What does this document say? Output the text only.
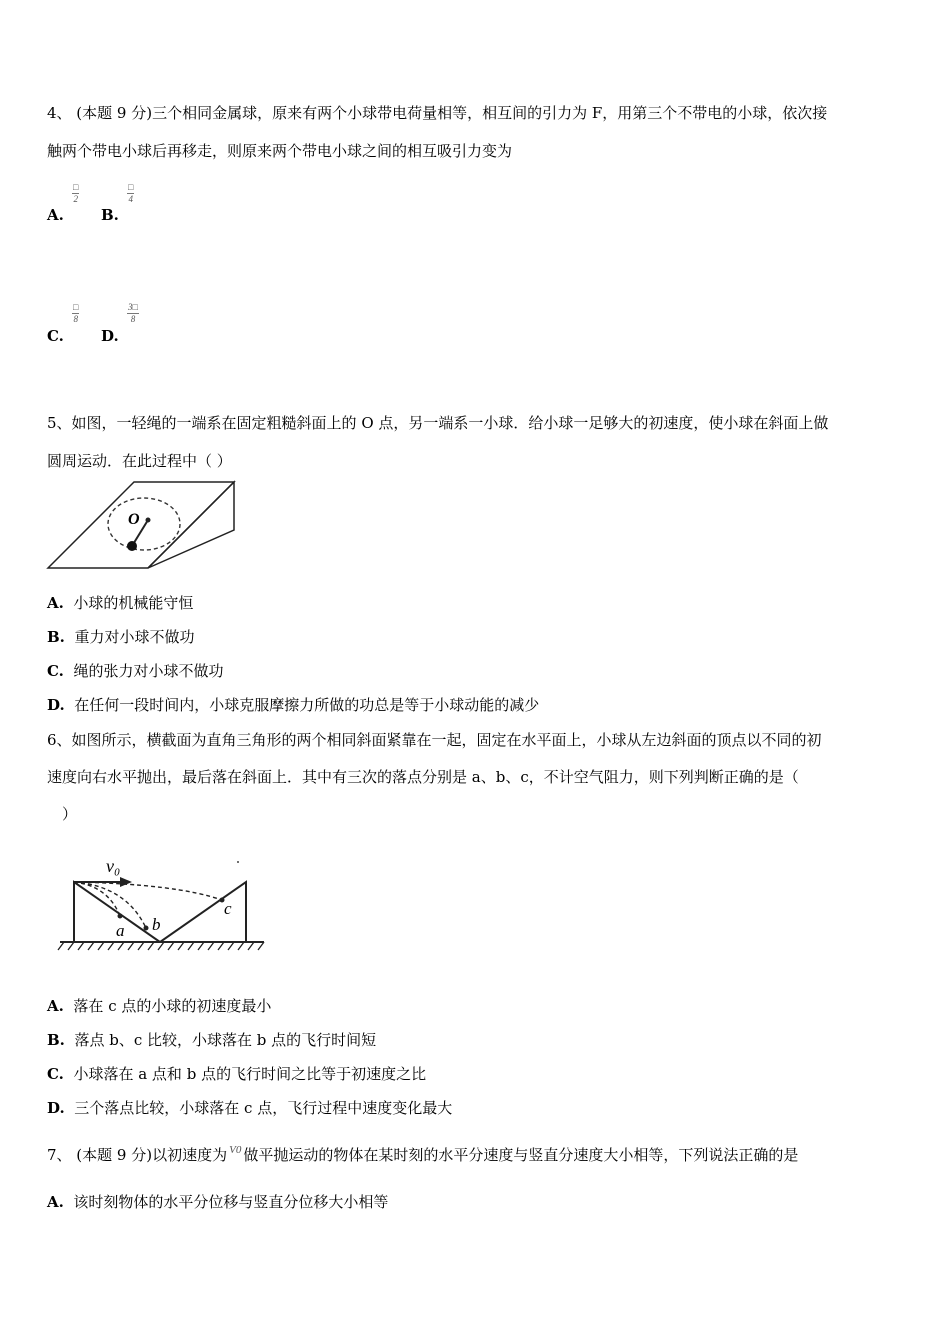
4、 (本题 9 分)三个相同金属球，原来有两个小球带电荷量相等，相互间的引力为 F，用第三个不带电的小球，依次接
触两个带电小球后再移走，则原来两个带电小球之间的相互吸引力变为
A.
□
2
B.
□
4
C.
□
8
D.
$\frac{3□}{8}$
5、如图，一轻绳的一端系在固定粗糙斜面上的 O 点，另一端系一小球．给小球一足够大的初速度，使小球在斜面上做
圆周运动．在此过程中（ ）
O
A. 小球的机械能守恒
B. 重力对小球不做功
C. 绳的张力对小球不做功
D. 在任何一段时间内，小球克服摩擦力所做的功总是等于小球动能的减少
6、如图所示，横截面为直角三角形的两个相同斜面紧靠在一起，固定在水平面上，小球从左边斜面的顶点以不同的初
速度向右水平抛出，最后落在斜面上．其中有三次的落点分别是 a、b、c，不计空气阻力，则下列判断正确的是（
）
v₀
a b
c
A. 落在 c 点的小球的初速度最小
B. 落点 b、c 比较，小球落在 b 点的飞行时间短
C. 小球落在 a 点和 b 点的飞行时间之比等于初速度之比
D. 三个落点比较，小球落在 c 点，飞行过程中速度变化最大
7、 (本题 9 分)以初速度为 $^{V0}$ 做平抛运动的物体在某时刻的水平分速度与竖直分速度大小相等，下列说法正确的是
A. 该时刻物体的水平分位移与竖直分位移大小相等
